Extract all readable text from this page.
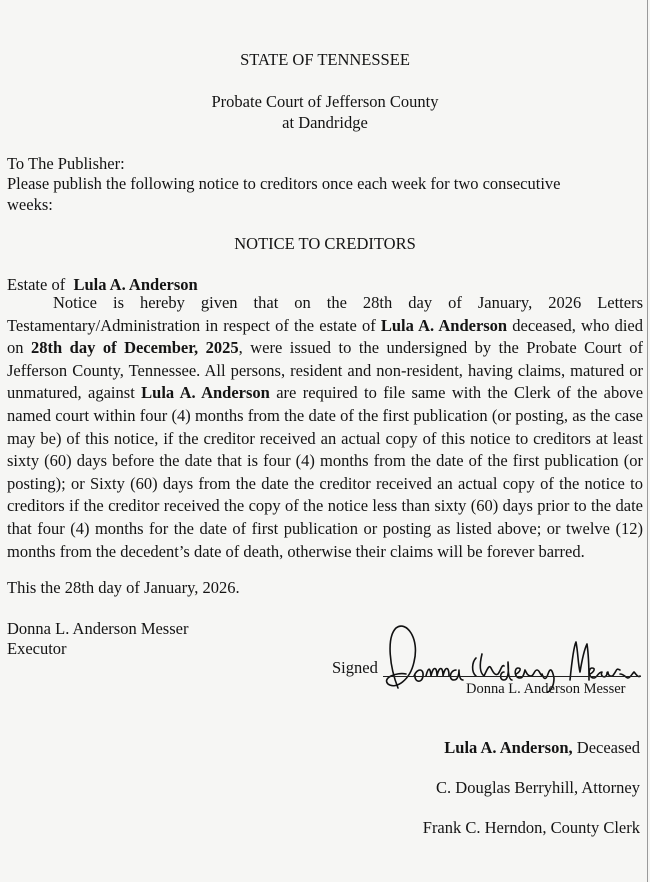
STATE OF TENNESSEE
Probate Court of Jefferson County
at Dandridge
To The Publisher:
Please publish the following notice to creditors once each week for two consecutive
weeks:
NOTICE TO CREDITORS
Estate of Lula A. Anderson

Notice is hereby given that on the 28th day of January, 2026 Letters Testamentary/Administration in respect of the estate of Lula A. Anderson deceased, who died on 28th day of December, 2025, were issued to the undersigned by the Probate Court of Jefferson County, Tennessee. All persons, resident and non-resident, having claims, matured or unmatured, against Lula A. Anderson are required to file same with the Clerk of the above named court within four (4) months from the date of the first publication (or posting, as the case may be) of this notice, if the creditor received an actual copy of this notice to creditors at least sixty (60) days before the date that is four (4) months from the date of the first publication (or posting); or Sixty (60) days from the date the creditor received an actual copy of the notice to creditors if the creditor received the copy of the notice less than sixty (60) days prior to the date that four (4) months for the date of first publication or posting as listed above; or twelve (12) months from the decedent’s date of death, otherwise their claims will be forever barred.

This the 28th day of January, 2026.
Donna L. Anderson Messer
Executor
Signed
Donna L. Anderson Messer
Lula A. Anderson, Deceased
C. Douglas Berryhill, Attorney
Frank C. Herndon, County Clerk
